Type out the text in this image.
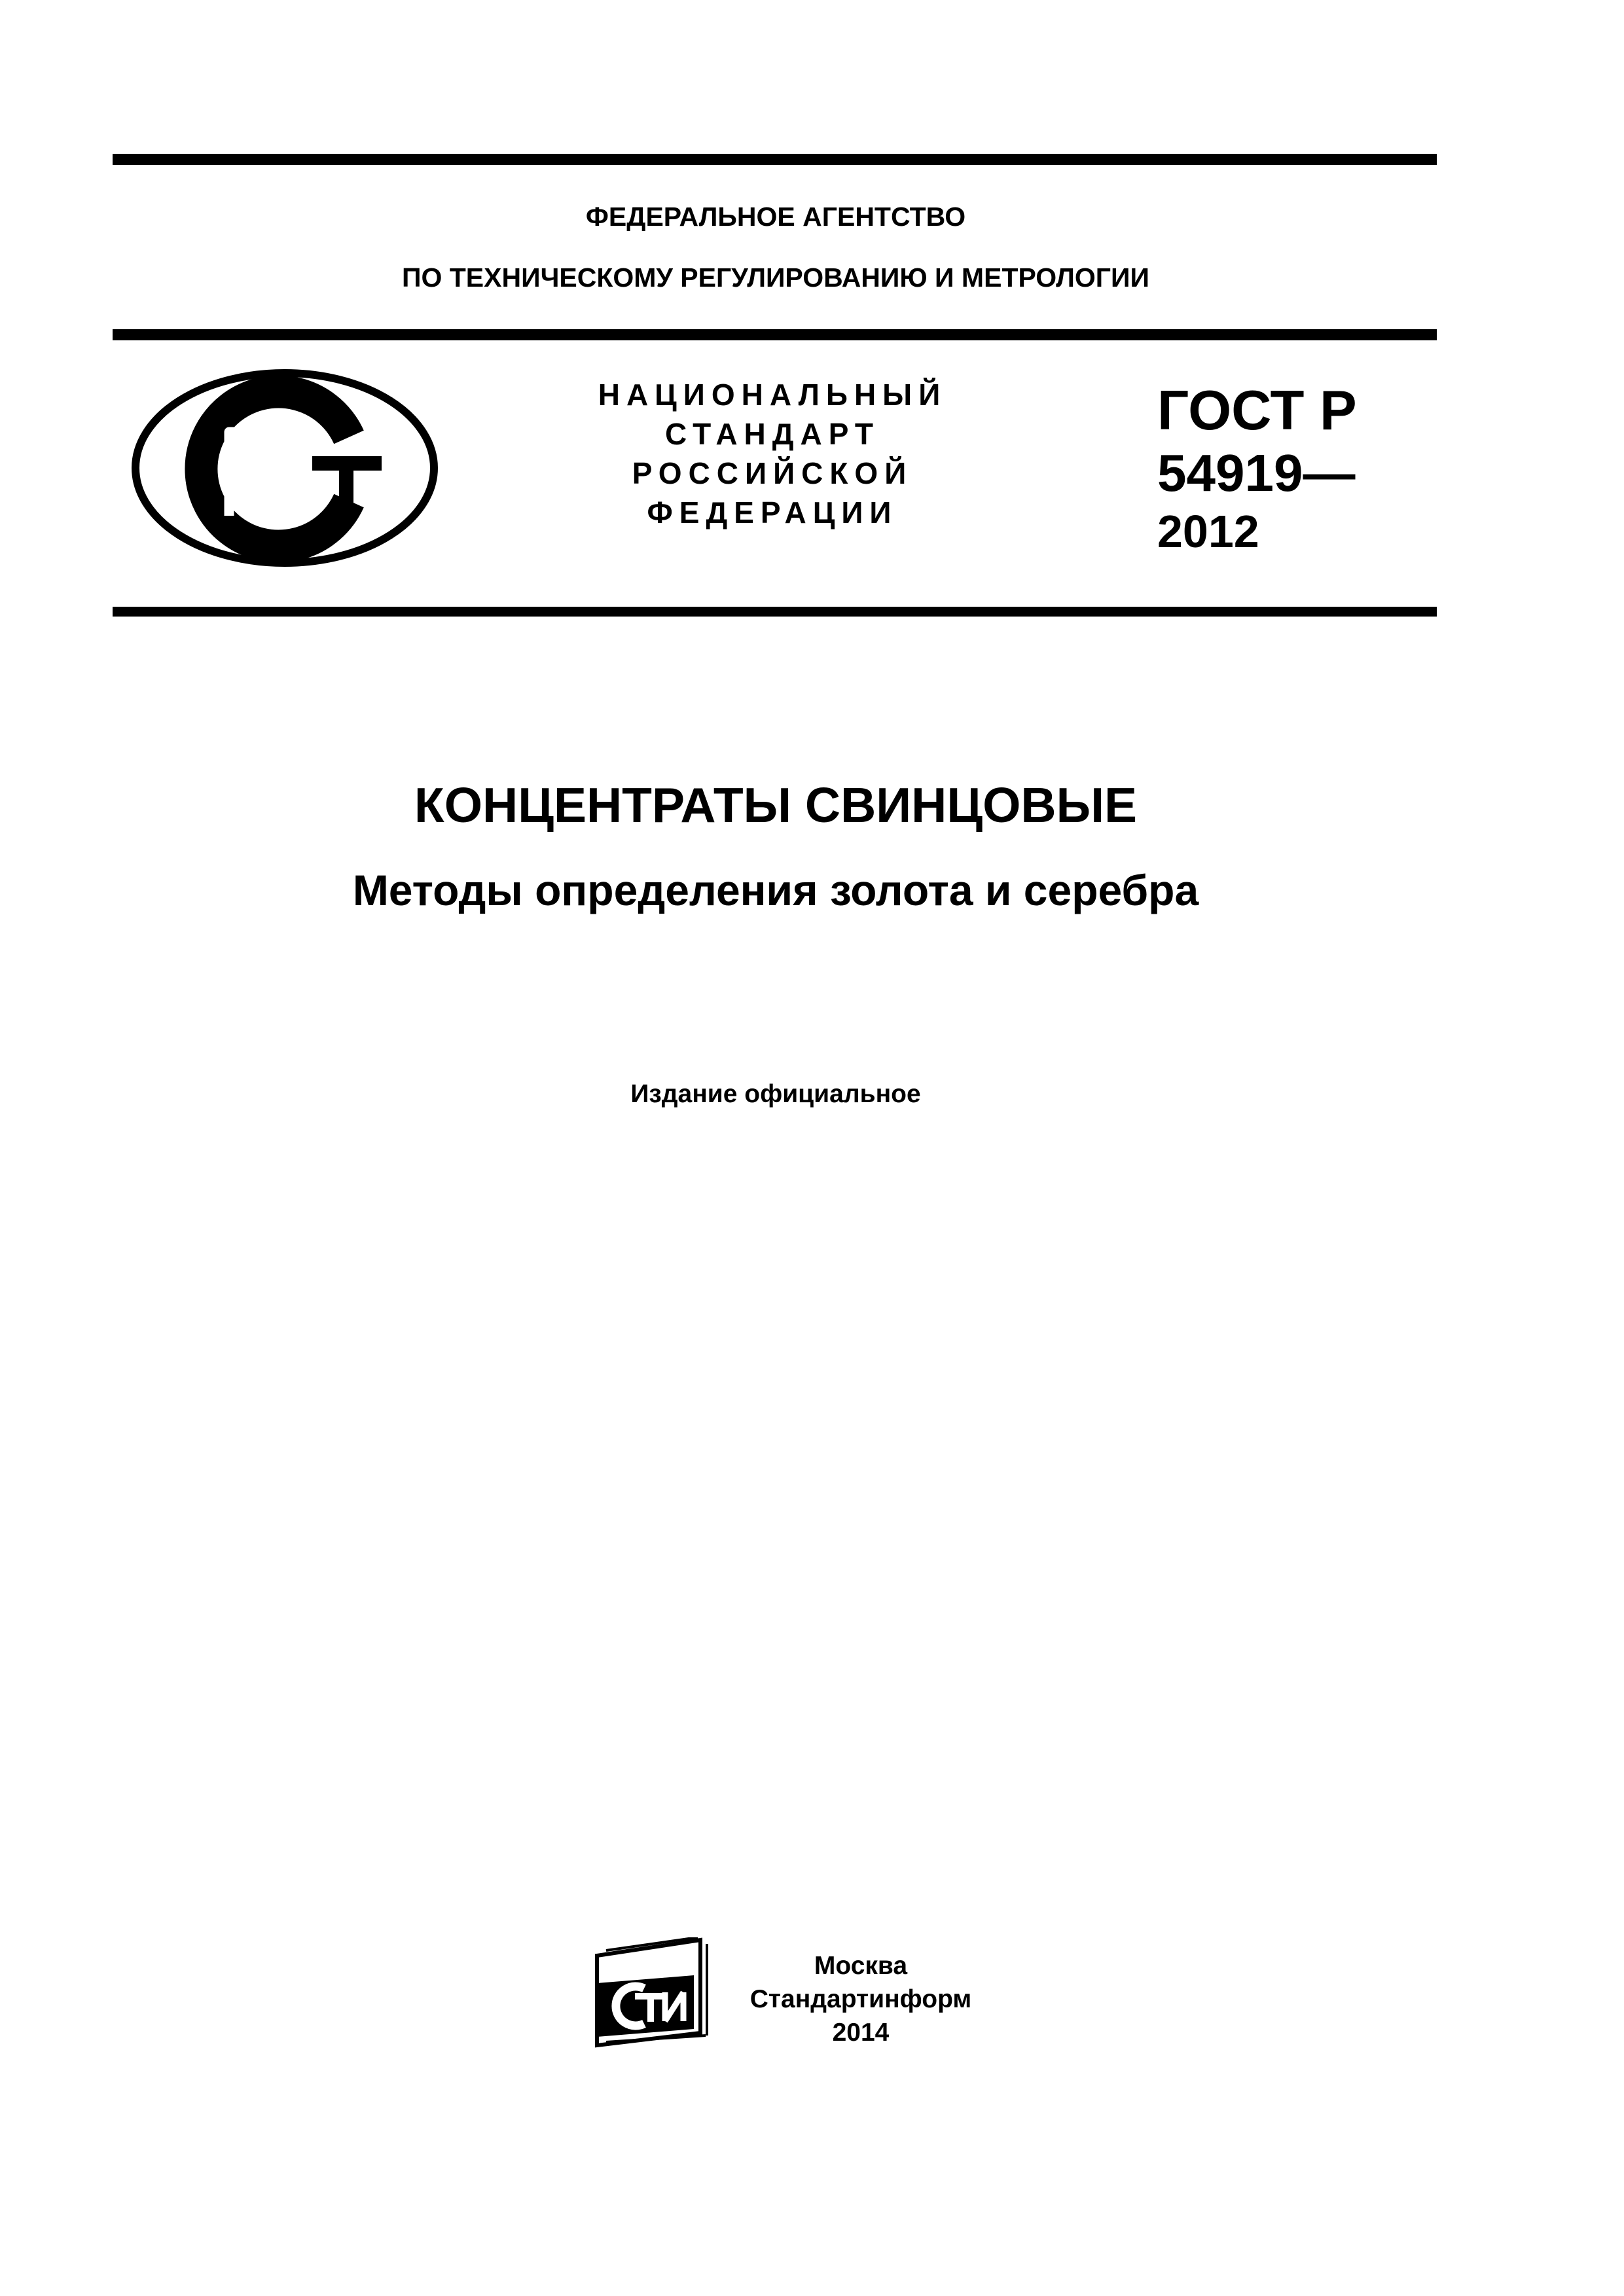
ФЕДЕРАЛЬНОЕ АГЕНТСТВО
ПО ТЕХНИЧЕСКОМУ РЕГУЛИРОВАНИЮ И МЕТРОЛОГИИ
НАЦИОНАЛЬНЫЙ
СТАНДАРТ
РОССИЙСКОЙ
ФЕДЕРАЦИИ
ГОСТ Р
54919—
2012
КОНЦЕНТРАТЫ СВИНЦОВЫЕ
Методы определения золота и серебра
Издание официальное
Москва
Стандартинформ
2014
